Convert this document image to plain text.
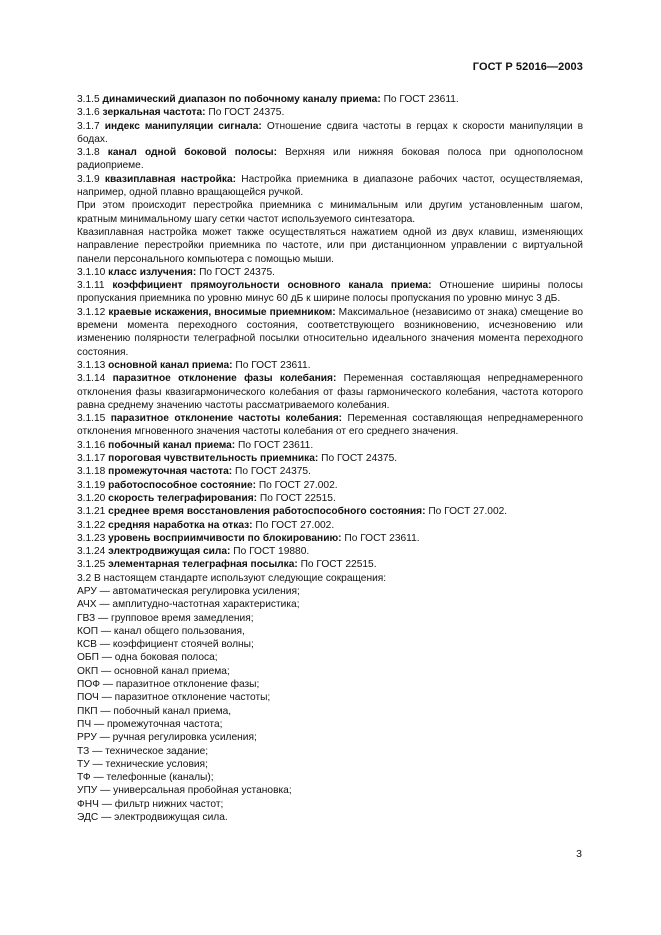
ГОСТ Р 52016—2003

3.1.5 динамический диапазон по побочному каналу приема: По ГОСТ 23611.

3.1.6 зеркальная частота: По ГОСТ 24375.

3.1.7 индекс манипуляции сигнала: Отношение сдвига частоты в герцах к скорости манипуляции в бодах.

3.1.8 канал одной боковой полосы: Верхняя или нижняя боковая полоса при однополосном радиоприеме.

3.1.9 квазиплавная настройка: Настройка приемника в диапазоне рабочих частот, осуществляемая, например, одной плавно вращающейся ручкой.

При этом происходит перестройка приемника с минимальным или другим установленным шагом, кратным минимальному шагу сетки частот используемого синтезатора.

Квазиплавная настройка может также осуществляться нажатием одной из двух клавиш, изменяющих направление перестройки приемника по частоте, или при дистанционном управлении с виртуальной панели персонального компьютера с помощью мыши.

3.1.10 класс излучения: По ГОСТ 24375.

3.1.11 коэффициент прямоугольности основного канала приема: Отношение ширины полосы пропускания приемника по уровню минус 60 дБ к ширине полосы пропускания по уровню минус 3 дБ.

3.1.12 краевые искажения, вносимые приемником: Максимальное (независимо от знака) смещение во времени момента переходного состояния, соответствующего возникновению, исчезновению или изменению полярности телеграфной посылки относительно идеального значения момента переходного состояния.

3.1.13 основной канал приема: По ГОСТ 23611.

3.1.14 паразитное отклонение фазы колебания: Переменная составляющая непреднамеренного отклонения фазы квазигармонического колебания от фазы гармонического колебания, частота которого равна среднему значению частоты рассматриваемого колебания.

3.1.15 паразитное отклонение частоты колебания: Переменная составляющая непреднамеренного отклонения мгновенного значения частоты колебания от его среднего значения.

3.1.16 побочный канал приема: По ГОСТ 23611.

3.1.17 пороговая чувствительность приемника: По ГОСТ 24375.

3.1.18 промежуточная частота: По ГОСТ 24375.

3.1.19 работоспособное состояние: По ГОСТ 27.002.

3.1.20 скорость телеграфирования: По ГОСТ 22515.

3.1.21 среднее время восстановления работоспособного состояния: По ГОСТ 27.002.

3.1.22 средняя наработка на отказ: По ГОСТ 27.002.

3.1.23 уровень восприимчивости по блокированию: По ГОСТ 23611.

3.1.24 электродвижущая сила: По ГОСТ 19880.

3.1.25 элементарная телеграфная посылка: По ГОСТ 22515.

3.2 В настоящем стандарте используют следующие сокращения:

АРУ — автоматическая регулировка усиления;
АЧХ — амплитудно-частотная характеристика;
ГВЗ — групповое время замедления;
КОП — канал общего пользования,
КСВ — коэффициент стоячей волны;
ОБП — одна боковая полоса;
ОКП — основной канал приема;
ПОФ — паразитное отклонение фазы;
ПОЧ — паразитное отклонение частоты;
ПКП — побочный канал приема,
ПЧ — промежуточная частота;
РРУ — ручная регулировка усиления;
ТЗ — техническое задание;
ТУ — технические условия;
ТФ — телефонные (каналы);
УПУ — универсальная пробойная установка;
ФНЧ — фильтр нижних частот;
ЭДС — электродвижущая сила.
3
